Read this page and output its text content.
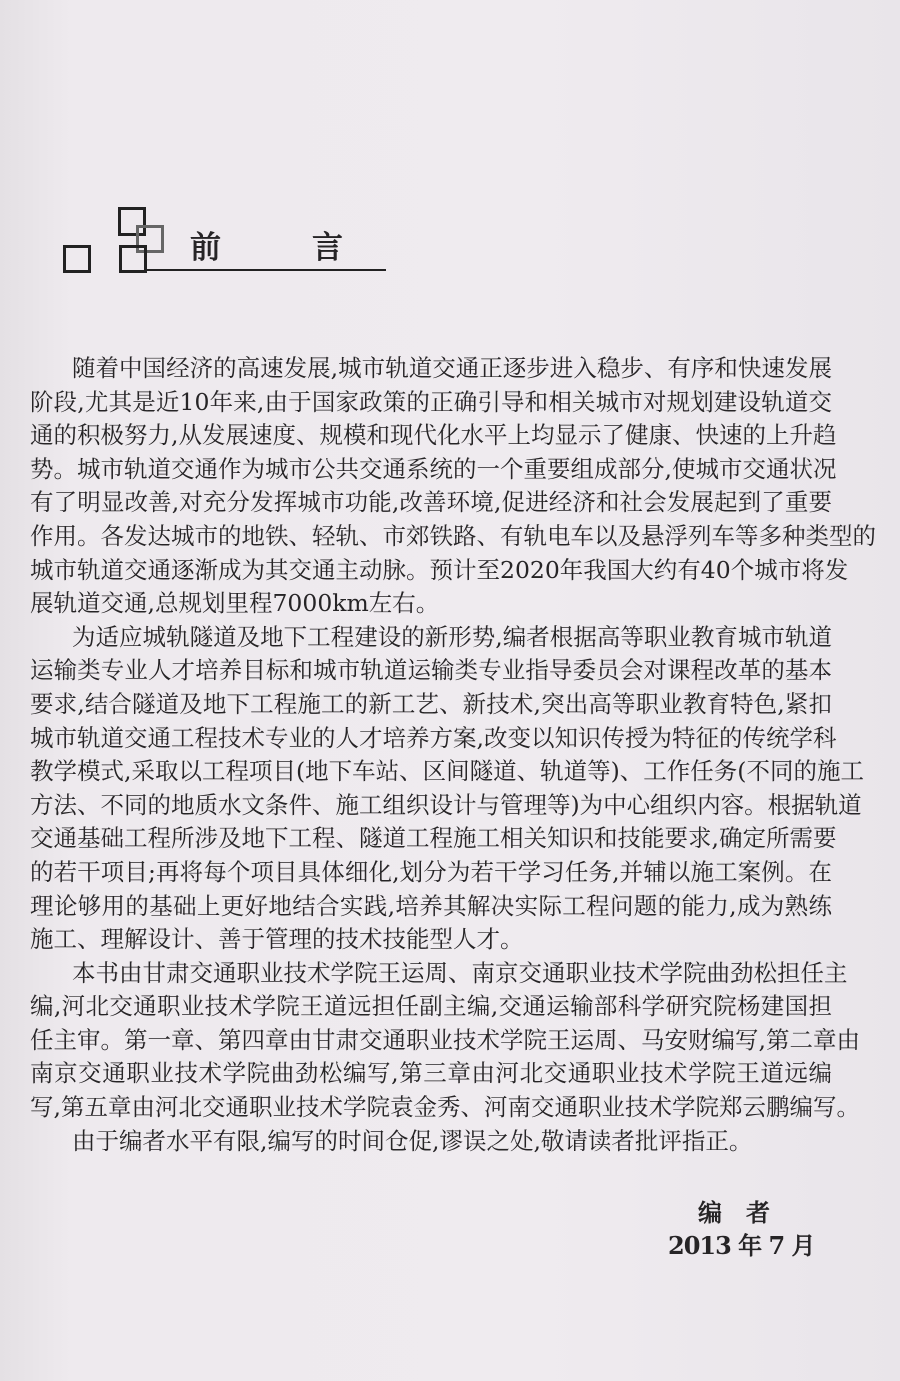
前	言
随着中国经济的高速发展,城市轨道交通正逐步进入稳步、有序和快速发展
阶段,尤其是近10年来,由于国家政策的正确引导和相关城市对规划建设轨道交
通的积极努力,从发展速度、规模和现代化水平上均显示了健康、快速的上升趋
势。城市轨道交通作为城市公共交通系统的一个重要组成部分,使城市交通状况
有了明显改善,对充分发挥城市功能,改善环境,促进经济和社会发展起到了重要
作用。各发达城市的地铁、轻轨、市郊铁路、有轨电车以及悬浮列车等多种类型的
城市轨道交通逐渐成为其交通主动脉。预计至2020年我国大约有40个城市将发
展轨道交通,总规划里程7000km左右。
为适应城轨隧道及地下工程建设的新形势,编者根据高等职业教育城市轨道
运输类专业人才培养目标和城市轨道运输类专业指导委员会对课程改革的基本
要求,结合隧道及地下工程施工的新工艺、新技术,突出高等职业教育特色,紧扣
城市轨道交通工程技术专业的人才培养方案,改变以知识传授为特征的传统学科
教学模式,采取以工程项目(地下车站、区间隧道、轨道等)、工作任务(不同的施工
方法、不同的地质水文条件、施工组织设计与管理等)为中心组织内容。根据轨道
交通基础工程所涉及地下工程、隧道工程施工相关知识和技能要求,确定所需要
的若干项目;再将每个项目具体细化,划分为若干学习任务,并辅以施工案例。在
理论够用的基础上更好地结合实践,培养其解决实际工程问题的能力,成为熟练
施工、理解设计、善于管理的技术技能型人才。
本书由甘肃交通职业技术学院王运周、南京交通职业技术学院曲劲松担任主
编,河北交通职业技术学院王道远担任副主编,交通运输部科学研究院杨建国担
任主审。第一章、第四章由甘肃交通职业技术学院王运周、马安财编写,第二章由
南京交通职业技术学院曲劲松编写,第三章由河北交通职业技术学院王道远编
写,第五章由河北交通职业技术学院袁金秀、河南交通职业技术学院郑云鹏编写。
由于编者水平有限,编写的时间仓促,谬误之处,敬请读者批评指正。
编　者
2013 年 7 月
